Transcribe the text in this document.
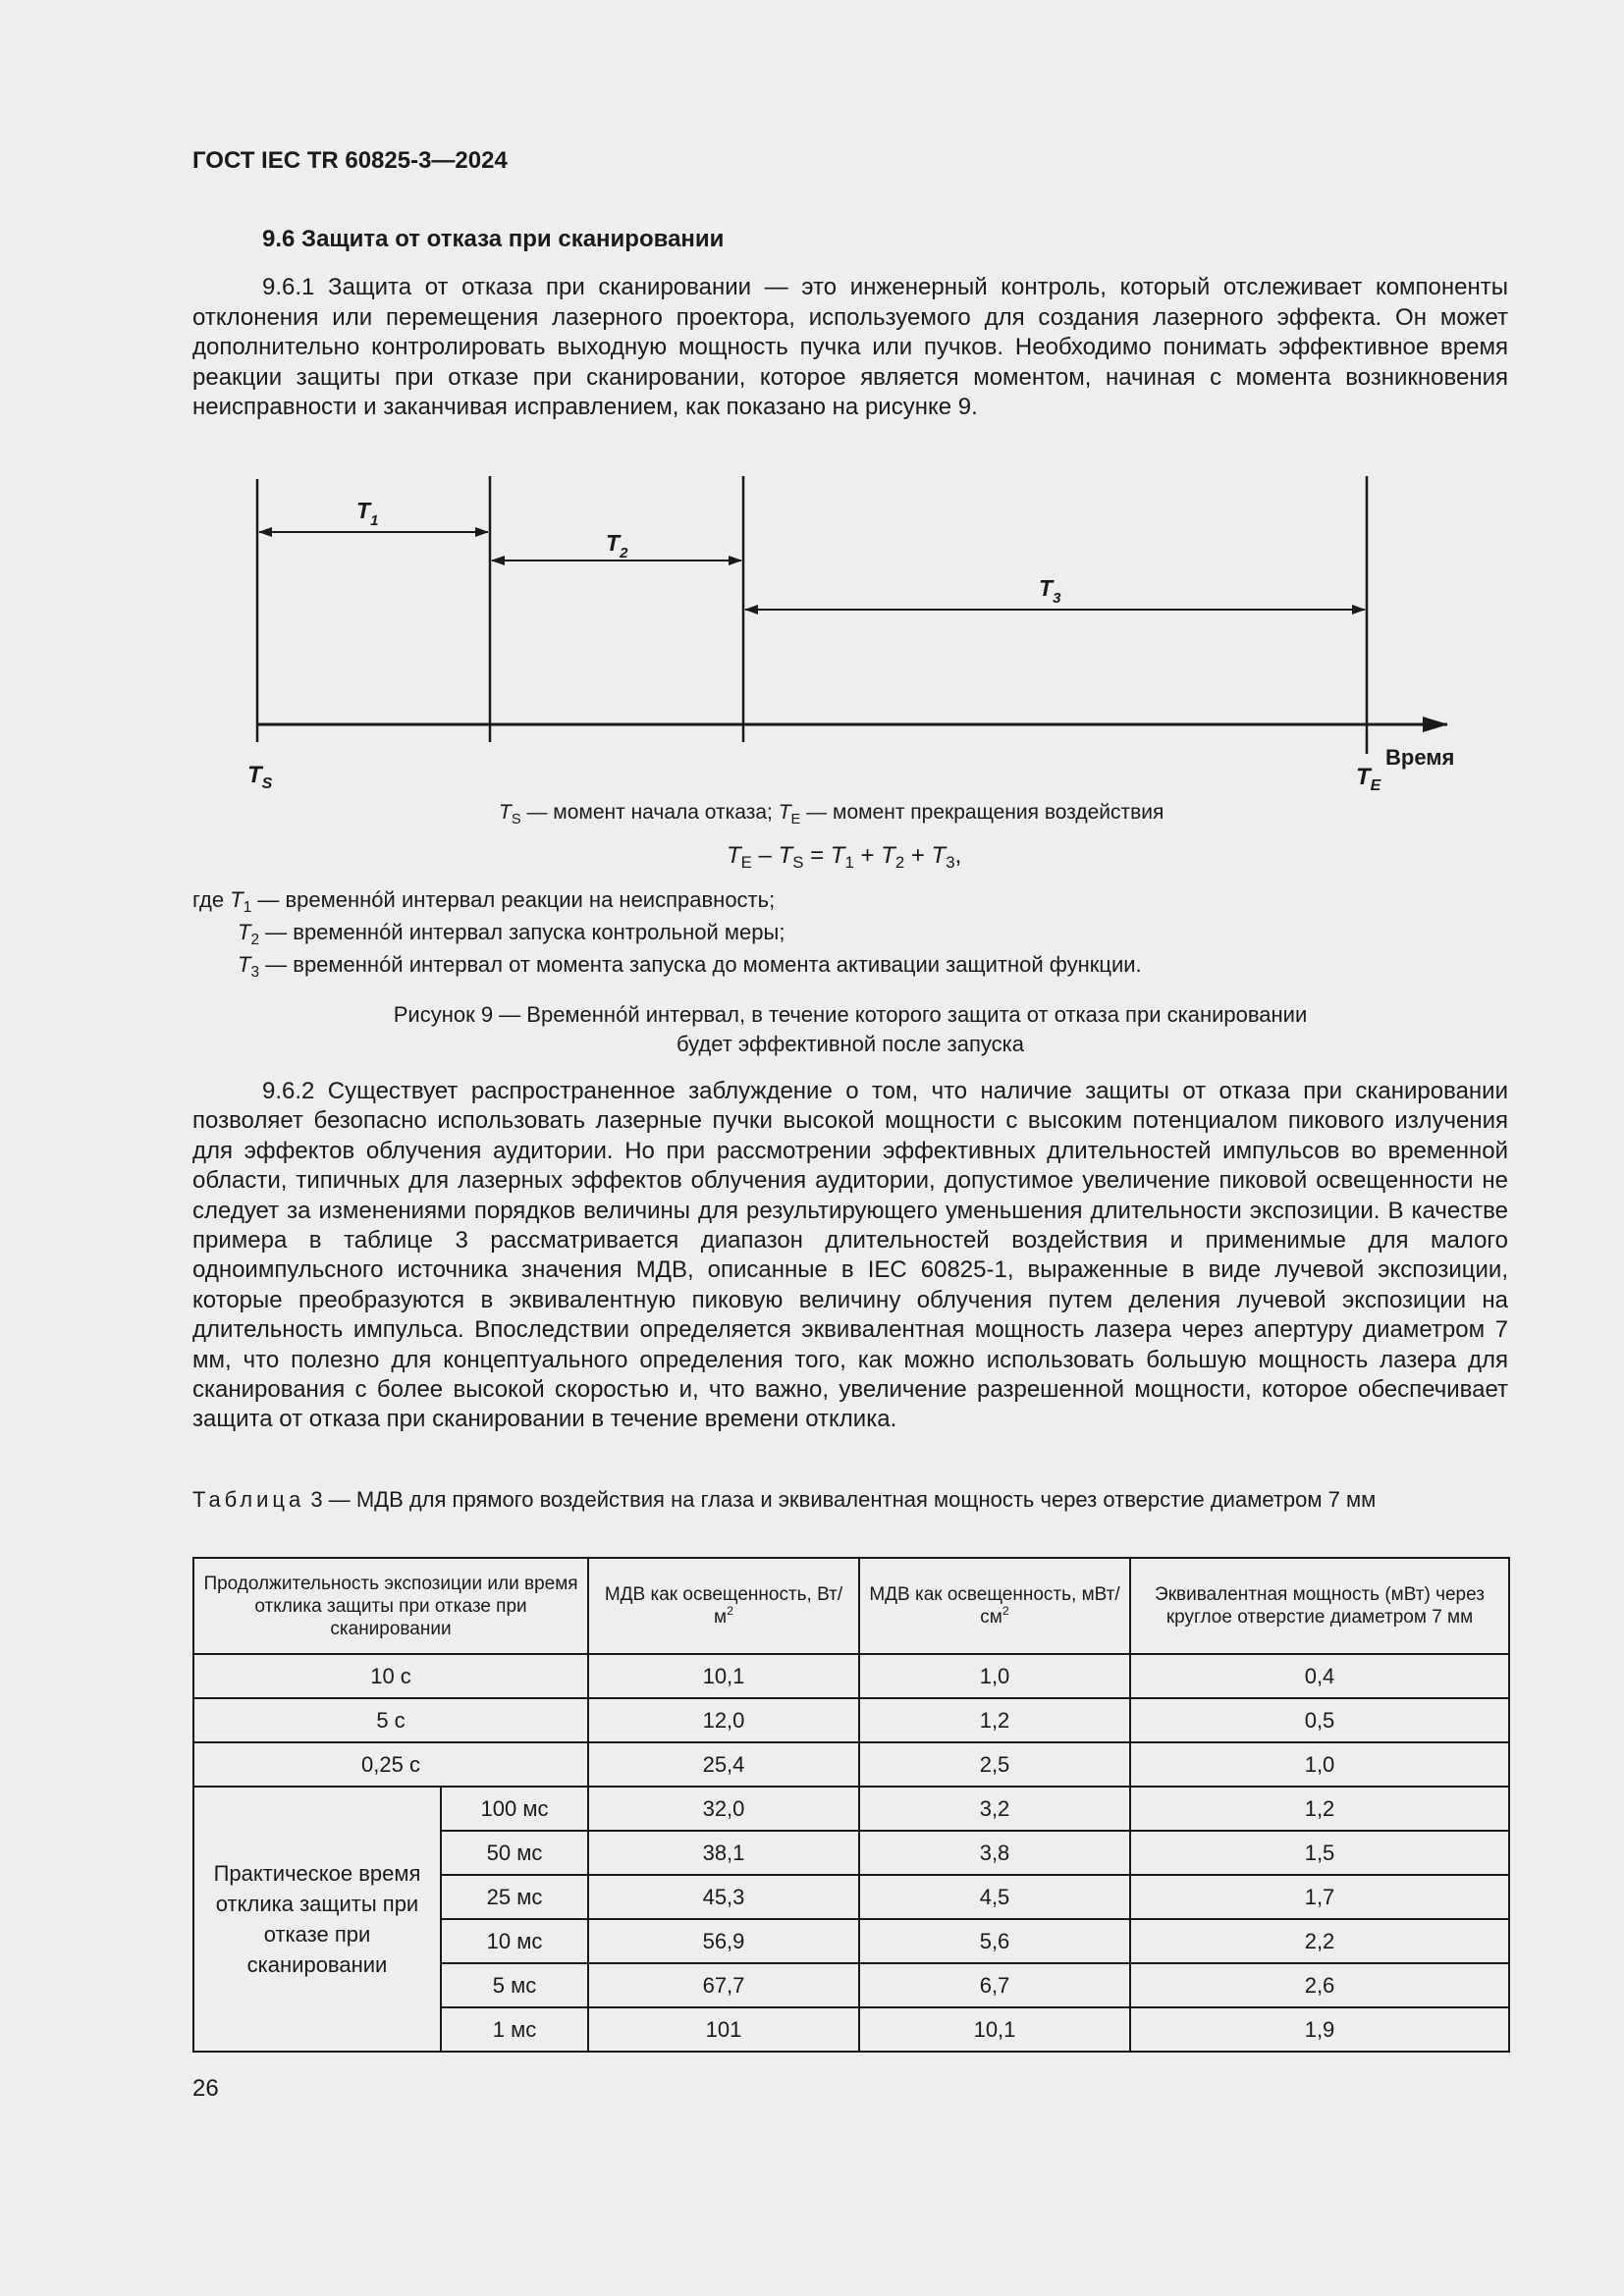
ГОСТ IEC TR 60825-3—2024
9.6 Защита от отказа при сканировании

9.6.1 Защита от отказа при сканировании — это инженерный контроль, который отслеживает компоненты отклонения или перемещения лазерного проектора, используемого для создания лазерного эффекта. Он может дополнительно контролировать выходную мощность пучка или пучков. Необходимо понимать эффективное время реакции защиты при отказе при сканировании, которое является моментом, начиная с момента возникновения неисправности и заканчивая исправлением, как показано на рисунке 9.

$T_1$
$T_2$
$T_3$
$T_S$	$T_E$
Время
$T_S$ — момент начала отказа; $T_E$ — момент прекращения воздействия
$T_E - T_S = T_1 + T_2 + T_3$,
где $T_1$ — временнóй интервал реакции на неисправность;
$T_2$ — временнóй интервал запуска контрольной меры;
$T_3$ — временнóй интервал от момента запуска до момента активации защитной функции.
Рисунок 9 — Временнóй интервал, в течение которого защита от отказа при сканировании
будет эффективной после запуска

9.6.2 Существует распространенное заблуждение о том, что наличие защиты от отказа при сканировании позволяет безопасно использовать лазерные пучки высокой мощности с высоким потенциалом пикового излучения для эффектов облучения аудитории. Но при рассмотрении эффективных длительностей импульсов во временной области, типичных для лазерных эффектов облучения аудитории, допустимое увеличение пиковой освещенности не следует за изменениями порядков величины для результирующего уменьшения длительности экспозиции. В качестве примера в таблице 3 рассматривается диапазон длительностей воздействия и применимые для малого одноимпульсного источника значения МДВ, описанные в IEC 60825-1, выраженные в виде лучевой экспозиции, которые преобразуются в эквивалентную пиковую величину облучения путем деления лучевой экспозиции на длительность импульса. Впоследствии определяется эквивалентная мощность лазера через апертуру диаметром 7 мм, что полезно для концептуального определения того, как можно использовать большую мощность лазера для сканирования с более высокой скоростью и, что важно, увеличение разрешенной мощности, которое обеспечивает защита от отказа при сканировании в течение времени отклика.

Таблица 3 — МДВ для прямого воздействия на глаза и эквивалентная мощность через отверстие диаметром 7 мм
Продолжительность экспозиции или время отклика защиты при отказе при сканировании		МДВ как освещенность, $Вт/м^2$	МДВ как освещенность, мВт/$см^2$	Эквивалентная мощность (мВт) через круглое отверстие диаметром 7 мм
10 с		10,1	1,0	0,4
5 с		12,0	1,2	0,5
0,25 с		25,4	2,5	1,0
Практическое время отклика защиты при отказе при сканировании	100 мс	32,0	3,2	1,2
	50 мс	38,1	3,8	1,5
	25 мс	45,3	4,5	1,7
	10 мс	56,9	5,6	2,2
	5 мс	67,7	6,7	2,6
	1 мс	101	10,1	1,9
26
